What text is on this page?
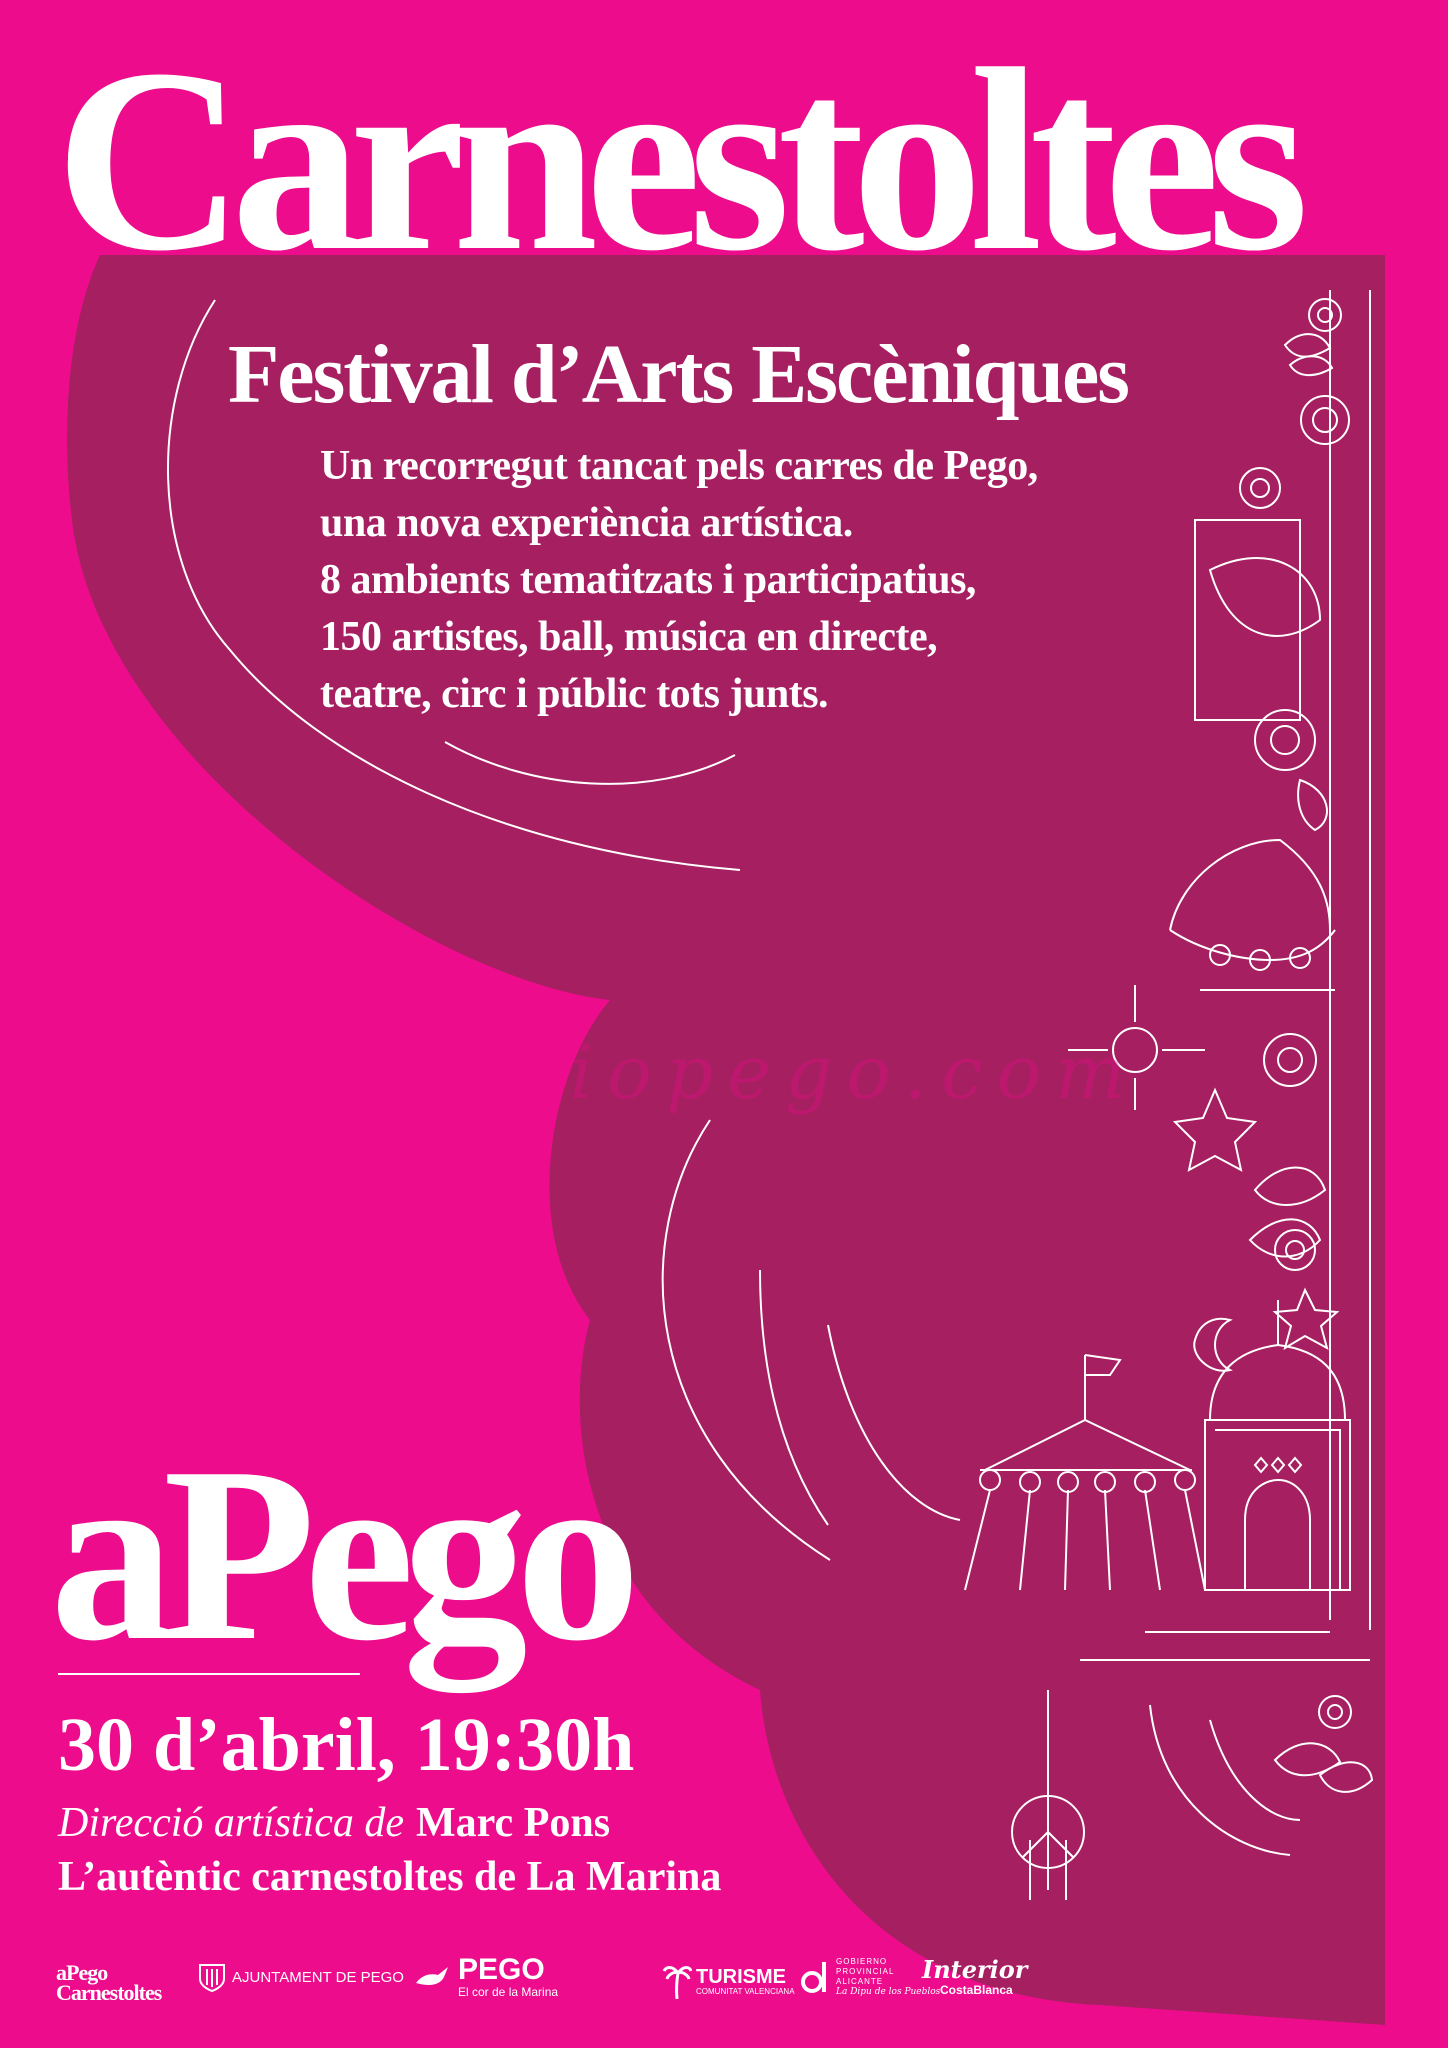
Carnestoltes
Festival d’Arts Escèniques
Un recorregut tancat pels carres de Pego,
una nova experiència artística.
8 ambients tematitzats i participatius,
150 artistes, ball, música en directe,
teatre, circ i públic tots junts.
www.radiopego.com
aPego
30 d’abril, 19:30h
Direcció artística de Marc Pons
L’autèntic carnestoltes de La Marina
aPego
Carnestoltes
AJUNTAMENT DE PEGO PEGO
El cor de la Marina
TURISME
COMUNITAT VALENCIANA
GOBIERNO
PROVINCIAL
ALICANTE
La Dipu de los Pueblos
Interior
CostaBlanca
